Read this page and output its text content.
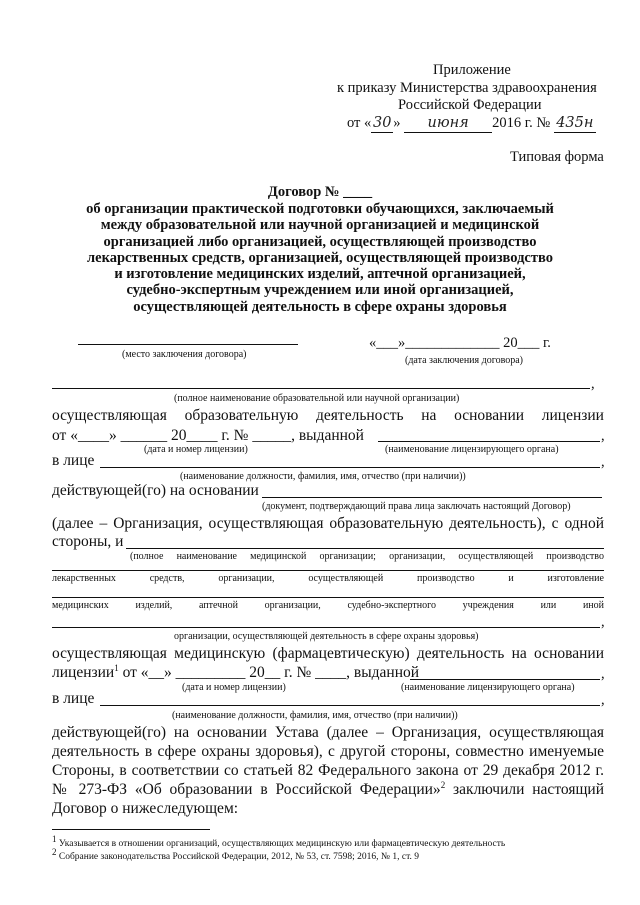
Приложение
к приказу Министерства здравоохранения
Российской Федерации
от « 30 » июня 2016 г. № 435н
Типовая форма
Договор № ____
об организации практической подготовки обучающихся, заключаемый
между образовательной или научной организацией и медицинской
организацией либо организацией, осуществляющей производство
лекарственных средств, организацией, осуществляющей производство
и изготовление медицинских изделий, аптечной организацией,
судебно-экспертным учреждением или иной организацией,
осуществляющей деятельность в сфере охраны здоровья
(место заключения договора)
«___»_____________ 20___ г.
(дата заключения договора)
,
(полное наименование образовательной или научной организации)
осуществляющая образовательную деятельность на основании лицензии
от «____» ______ 20____ г. № _____, выданной	,
(дата и номер лицензии)	(наименование лицензирующего органа)
в лице	,
(наименование должности, фамилия, имя, отчество (при наличии))
действующей(го) на основании
(документ, подтверждающий права лица заключать настоящий Договор)
(далее – Организация, осуществляющая образовательную деятельность), с одной
стороны, и
(полное наименование медицинской организации; организации, осуществляющей производство
лекарственных	средств,	организации,	осуществляющей	производство	и	изготовление
медицинских	изделий,	аптечной	организации,	судебно-экспертного	учреждения	или	иной
,
организации, осуществляющей деятельность в сфере охраны здоровья)
осуществляющая медицинскую (фармацевтическую) деятельность на основании
лицензии$^1$ от «__» _________ 20__ г. № ____, выданной	,
(дата и номер лицензии)	(наименование лицензирующего органа)
в лице	,
(наименование должности, фамилия, имя, отчество (при наличии))
действующей(го) на основании Устава (далее – Организация, осуществляющая
деятельность в сфере охраны здоровья), с другой стороны, совместно именуемые
Стороны, в соответствии со статьей 82 Федерального закона от 29 декабря 2012 г.
№ 273-ФЗ «Об образовании в Российской Федерации»$^2$ заключили настоящий
Договор о нижеследующем:
$^1$ Указывается в отношении организаций, осуществляющих медицинскую или фармацевтическую деятельность
$^2$ Собрание законодательства Российской Федерации, 2012, № 53, ст. 7598; 2016, № 1, ст. 9
